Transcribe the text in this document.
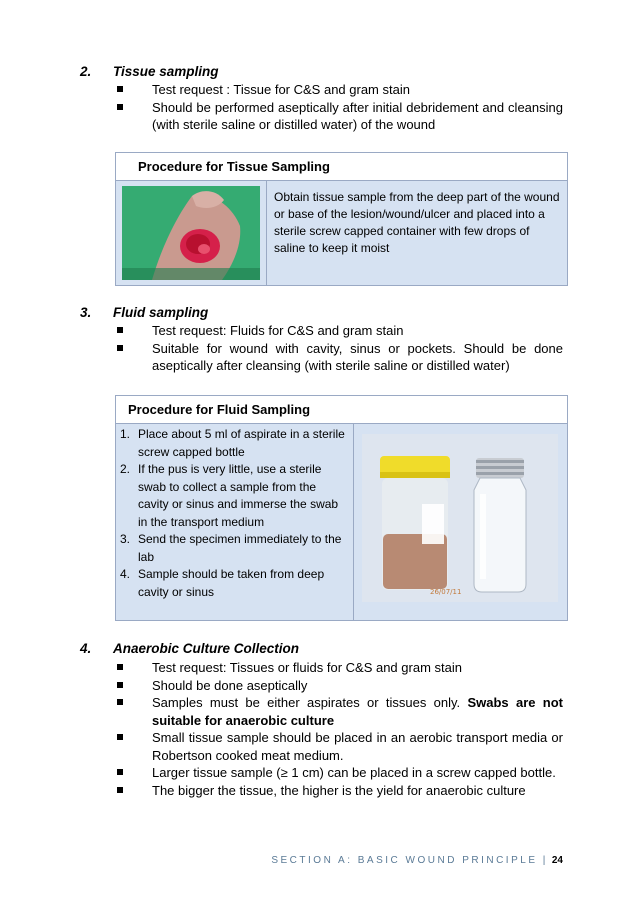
2. Tissue sampling
Test request : Tissue for C&S and gram stain
Should be performed aseptically after initial debridement and cleansing (with sterile saline or distilled water) of the wound
Procedure for Tissue Sampling
Obtain tissue sample from the deep part of the wound or base of the lesion/wound/ulcer and placed into a sterile screw capped container with few drops of saline to keep it moist
3. Fluid sampling
Test request: Fluids for C&S and gram stain
Suitable for wound with cavity, sinus or pockets. Should be done aseptically after cleansing (with sterile saline or distilled water)
Procedure for Fluid Sampling
1. Place about 5 ml of aspirate in a sterile screw capped bottle
2. If the pus is very little, use a sterile swab to collect a sample from the cavity or sinus and immerse the swab in the transport medium
3. Send the specimen immediately to the lab
4. Sample should be taken from deep cavity or sinus	26/07/11
4. Anaerobic Culture Collection
Test request: Tissues or fluids for C&S and gram stain
Should be done aseptically
Samples must be either aspirates or tissues only. Swabs are not suitable for anaerobic culture
Small tissue sample should be placed in an aerobic transport media or Robertson cooked meat medium.
Larger tissue sample (≥ 1 cm) can be placed in a screw capped bottle.
The bigger the tissue, the higher is the yield for anaerobic culture
SECTION A: BASIC WOUND PRINCIPLE | 24
